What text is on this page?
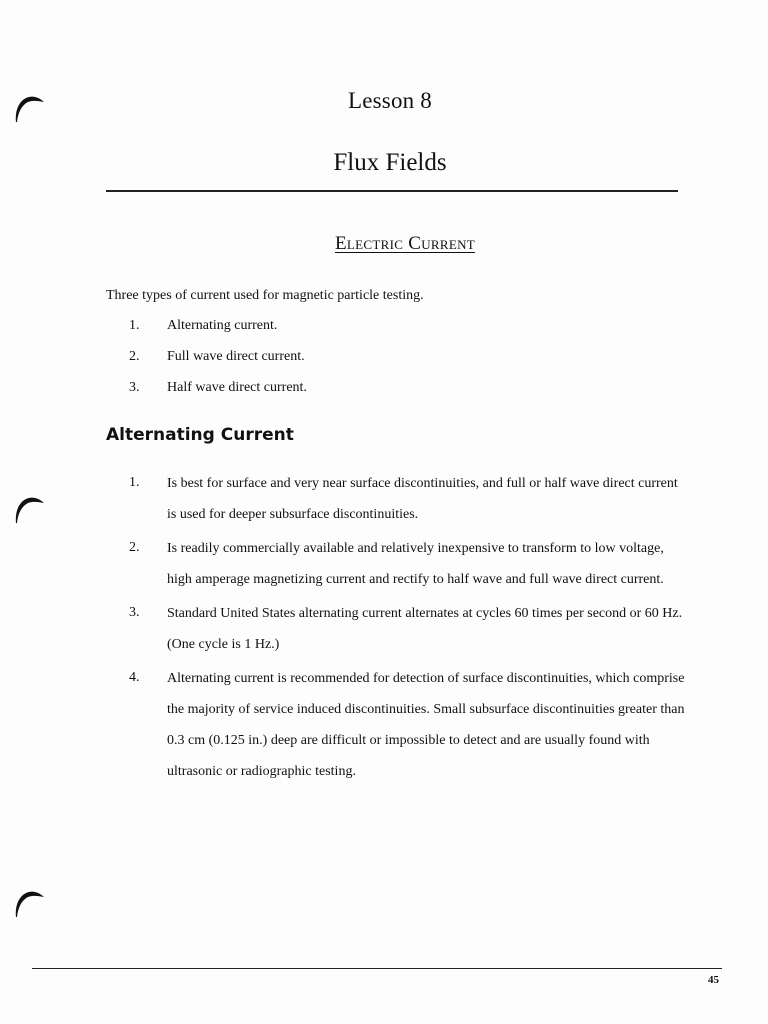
Lesson 8
Flux Fields
Electric Current
Three types of current used for magnetic particle testing.
1.	Alternating current.
2.	Full wave direct current.
3.	Half wave direct current.
Alternating Current
1.	Is best for surface and very near surface discontinuities, and full or half wave direct current is used for deeper subsurface discontinuities.
2.	Is readily commercially available and relatively inexpensive to transform to low voltage, high amperage magnetizing current and rectify to half wave and full wave direct current.
3.	Standard United States alternating current alternates at cycles 60 times per second or 60 Hz. (One cycle is 1 Hz.)
4.	Alternating current is recommended for detection of surface discontinuities, which comprise the majority of service induced discontinuities. Small subsurface discontinuities greater than 0.3 cm (0.125 in.) deep are difficult or impossible to detect and are usually found with ultrasonic or radiographic testing.
45
